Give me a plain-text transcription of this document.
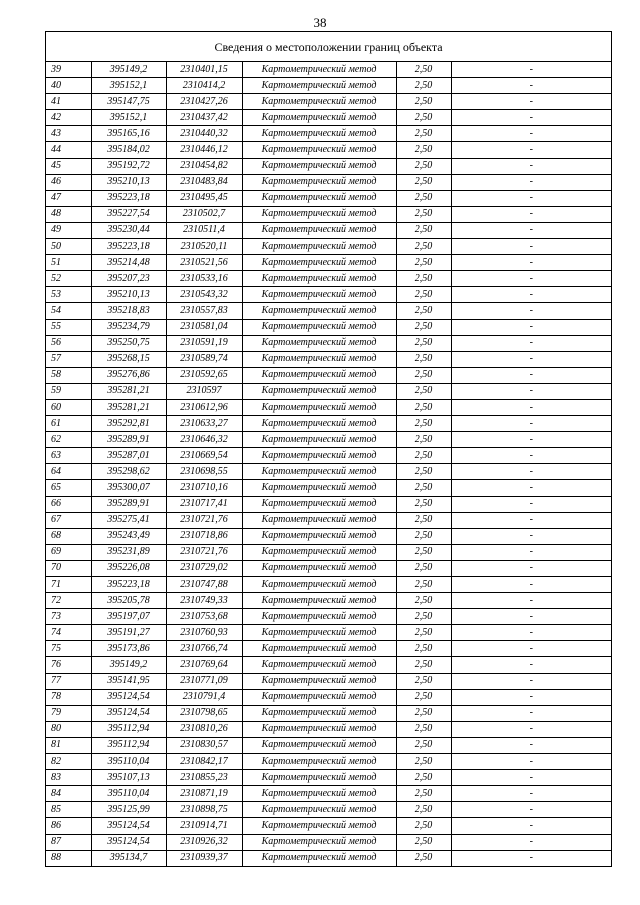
38
Сведения о местоположении границ объекта
39	395149,2	2310401,15	Картометрический метод	2,50	-
40	395152,1	2310414,2	Картометрический метод	2,50	-
41	395147,75	2310427,26	Картометрический метод	2,50	-
42	395152,1	2310437,42	Картометрический метод	2,50	-
43	395165,16	2310440,32	Картометрический метод	2,50	-
44	395184,02	2310446,12	Картометрический метод	2,50	-
45	395192,72	2310454,82	Картометрический метод	2,50	-
46	395210,13	2310483,84	Картометрический метод	2,50	-
47	395223,18	2310495,45	Картометрический метод	2,50	-
48	395227,54	2310502,7	Картометрический метод	2,50	-
49	395230,44	2310511,4	Картометрический метод	2,50	-
50	395223,18	2310520,11	Картометрический метод	2,50	-
51	395214,48	2310521,56	Картометрический метод	2,50	-
52	395207,23	2310533,16	Картометрический метод	2,50	-
53	395210,13	2310543,32	Картометрический метод	2,50	-
54	395218,83	2310557,83	Картометрический метод	2,50	-
55	395234,79	2310581,04	Картометрический метод	2,50	-
56	395250,75	2310591,19	Картометрический метод	2,50	-
57	395268,15	2310589,74	Картометрический метод	2,50	-
58	395276,86	2310592,65	Картометрический метод	2,50	-
59	395281,21	2310597	Картометрический метод	2,50	-
60	395281,21	2310612,96	Картометрический метод	2,50	-
61	395292,81	2310633,27	Картометрический метод	2,50	-
62	395289,91	2310646,32	Картометрический метод	2,50	-
63	395287,01	2310669,54	Картометрический метод	2,50	-
64	395298,62	2310698,55	Картометрический метод	2,50	-
65	395300,07	2310710,16	Картометрический метод	2,50	-
66	395289,91	2310717,41	Картометрический метод	2,50	-
67	395275,41	2310721,76	Картометрический метод	2,50	-
68	395243,49	2310718,86	Картометрический метод	2,50	-
69	395231,89	2310721,76	Картометрический метод	2,50	-
70	395226,08	2310729,02	Картометрический метод	2,50	-
71	395223,18	2310747,88	Картометрический метод	2,50	-
72	395205,78	2310749,33	Картометрический метод	2,50	-
73	395197,07	2310753,68	Картометрический метод	2,50	-
74	395191,27	2310760,93	Картометрический метод	2,50	-
75	395173,86	2310766,74	Картометрический метод	2,50	-
76	395149,2	2310769,64	Картометрический метод	2,50	-
77	395141,95	2310771,09	Картометрический метод	2,50	-
78	395124,54	2310791,4	Картометрический метод	2,50	-
79	395124,54	2310798,65	Картометрический метод	2,50	-
80	395112,94	2310810,26	Картометрический метод	2,50	-
81	395112,94	2310830,57	Картометрический метод	2,50	-
82	395110,04	2310842,17	Картометрический метод	2,50	-
83	395107,13	2310855,23	Картометрический метод	2,50	-
84	395110,04	2310871,19	Картометрический метод	2,50	-
85	395125,99	2310898,75	Картометрический метод	2,50	-
86	395124,54	2310914,71	Картометрический метод	2,50	-
87	395124,54	2310926,32	Картометрический метод	2,50	-
88	395134,7	2310939,37	Картометрический метод	2,50	-
